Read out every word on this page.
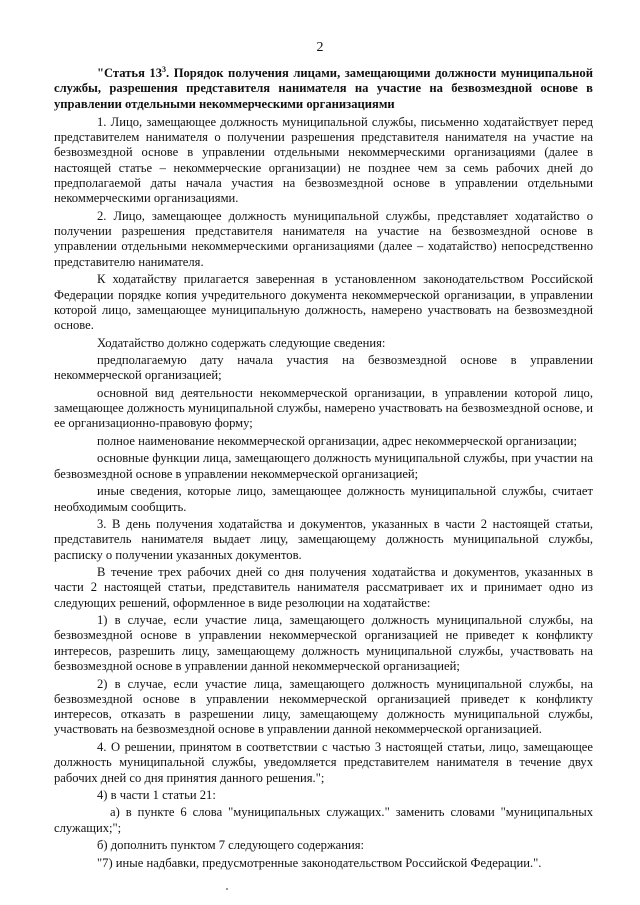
2

"Статья $13^3$. Порядок получения лицами, замещающими должности муниципальной службы, разрешения представителя нанимателя на участие на безвозмездной основе в управлении отдельными некоммерческими организациями

1. Лицо, замещающее должность муниципальной службы, письменно ходатайствует перед представителем нанимателя о получении разрешения представителя нанимателя на участие на безвозмездной основе в управлении отдельными некоммерческими организациями (далее в настоящей статье – некоммерческие организации) не позднее чем за семь рабочих дней до предполагаемой даты начала участия на безвозмездной основе в управлении отдельными некоммерческими организациями.

2. Лицо, замещающее должность муниципальной службы, представляет ходатайство о получении разрешения представителя нанимателя на участие на безвозмездной основе в управлении отдельными некоммерческими организациями (далее – ходатайство) непосредственно представителю нанимателя.

К ходатайству прилагается заверенная в установленном законодательством Российской Федерации порядке копия учредительного документа некоммерческой организации, в управлении которой лицо, замещающее муниципальную должность, намерено участвовать на безвозмездной основе.

Ходатайство должно содержать следующие сведения:

предполагаемую дату начала участия на безвозмездной основе в управлении некоммерческой организацией;

основной вид деятельности некоммерческой организации, в управлении которой лицо, замещающее должность муниципальной службы, намерено участвовать на безвозмездной основе, и ее организационно-правовую форму;

полное наименование некоммерческой организации, адрес некоммерческой организации;

основные функции лица, замещающего должность муниципальной службы, при участии на безвозмездной основе в управлении некоммерческой организацией;

иные сведения, которые лицо, замещающее должность муниципальной службы, считает необходимым сообщить.

3. В день получения ходатайства и документов, указанных в части 2 настоящей статьи, представитель нанимателя выдает лицу, замещающему должность муниципальной службы, расписку о получении указанных документов.

В течение трех рабочих дней со дня получения ходатайства и документов, указанных в части 2 настоящей статьи, представитель нанимателя рассматривает их и принимает одно из следующих решений, оформленное в виде резолюции на ходатайстве:

1) в случае, если участие лица, замещающего должность муниципальной службы, на безвозмездной основе в управлении некоммерческой организацией не приведет к конфликту интересов, разрешить лицу, замещающему должность муниципальной службы, участвовать на безвозмездной основе в управлении данной некоммерческой организацией;

2) в случае, если участие лица, замещающего должность муниципальной службы, на безвозмездной основе в управлении некоммерческой организацией приведет к конфликту интересов, отказать в разрешении лицу, замещающему должность муниципальной службы, участвовать на безвозмездной основе в управлении данной некоммерческой организацией.

4. О решении, принятом в соответствии с частью 3 настоящей статьи, лицо, замещающее должность муниципальной службы, уведомляется представителем нанимателя в течение двух рабочих дней со дня принятия данного решения.";

4) в части 1 статьи 21:

а) в пункте 6 слова "муниципальных служащих." заменить словами "муниципальных служащих;";

б) дополнить пунктом 7 следующего содержания:

"7) иные надбавки, предусмотренные законодательством Российской Федерации.".
